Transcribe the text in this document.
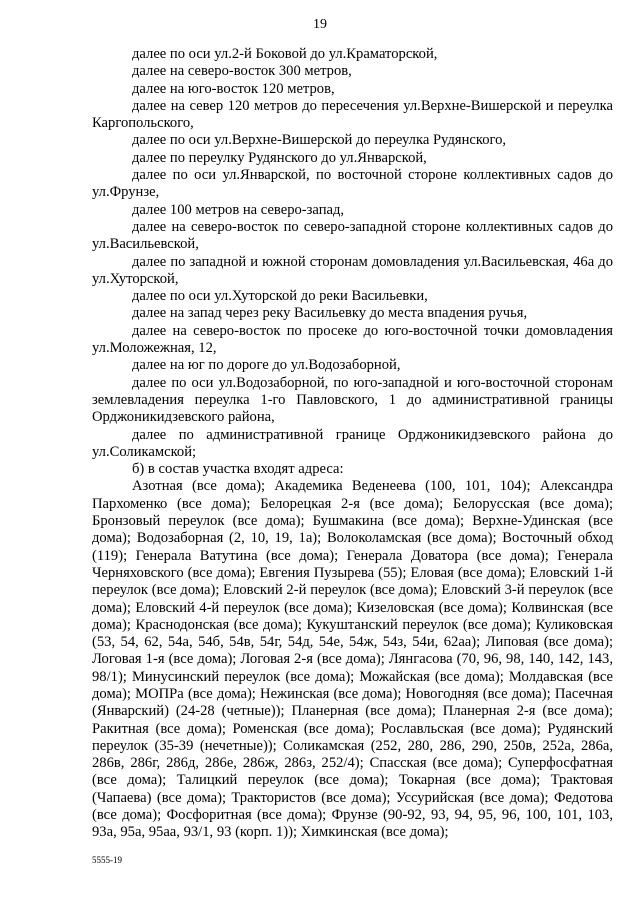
19

далее по оси ул.2-й Боковой до ул.Краматорской,

далее на северо-восток 300 метров,

далее на юго-восток 120 метров,

далее на север 120 метров до пересечения ул.Верхне-Вишерской и переулка Каргопольского,

далее по оси ул.Верхне-Вишерской до переулка Рудянского,

далее по переулку Рудянского до ул.Январской,

далее по оси ул.Январской, по восточной стороне коллективных садов до ул.Фрунзе,

далее 100 метров на северо-запад,

далее на северо-восток по северо-западной стороне коллективных садов до ул.Васильевской,

далее по западной и южной сторонам домовладения ул.Васильевская, 46а до ул.Хуторской,

далее по оси ул.Хуторской до реки Васильевки,

далее на запад через реку Васильевку до места впадения ручья,

далее на северо-восток по просеке до юго-восточной точки домовладения ул.Моложежная, 12,

далее на юг по дороге до ул.Водозаборной,

далее по оси ул.Водозаборной, по юго-западной и юго-восточной сторонам землевладения переулка 1-го Павловского, 1 до административной границы Орджоникидзевского района,

далее по административной границе Орджоникидзевского района до ул.Соликамской;

б) в состав участка входят адреса:

Азотная (все дома); Академика Веденеева (100, 101, 104); Александра Пархоменко (все дома); Белорецкая 2-я (все дома); Белорусская (все дома); Бронзовый переулок (все дома); Бушмакина (все дома); Верхне-Удинская (все дома); Водозаборная (2, 10, 19, 1а); Волоколамская (все дома); Восточный обход (119); Генерала Ватутина (все дома); Генерала Доватора (все дома); Генерала Черняховского (все дома); Евгения Пузырева (55); Еловая (все дома); Еловский 1-й переулок (все дома); Еловский 2-й переулок (все дома); Еловский 3-й переулок (все дома); Еловский 4-й переулок (все дома); Кизеловская (все дома); Колвинская (все дома); Краснодонская (все дома); Кукуштанский переулок (все дома); Куликовская (53, 54, 62, 54а, 54б, 54в, 54г, 54д, 54е, 54ж, 54з, 54и, 62аа); Липовая (все дома); Логовая 1-я (все дома); Логовая 2-я (все дома); Лянгасова (70, 96, 98, 140, 142, 143, 98/1); Минусинский переулок (все дома); Можайская (все дома); Молдавская (все дома); МОПРа (все дома); Нежинская (все дома); Новогодняя (все дома); Пасечная (Январский) (24-28 (четные)); Планерная (все дома); Планерная 2-я (все дома); Ракитная (все дома); Роменская (все дома); Рославльская (все дома); Рудянский переулок (35-39 (нечетные)); Соликамская (252, 280, 286, 290, 250в, 252а, 286а, 286в, 286г, 286д, 286е, 286ж, 286з, 252/4); Спасская (все дома); Суперфосфатная (все дома); Талицкий переулок (все дома); Токарная (все дома); Трактовая (Чапаева) (все дома); Трактористов (все дома); Уссурийская (все дома); Федотова (все дома); Фосфоритная (все дома); Фрунзе (90-92, 93, 94, 95, 96, 100, 101, 103, 93а, 95а, 95аа, 93/1, 93 (корп. 1)); Химкинская (все дома);

5555-19
